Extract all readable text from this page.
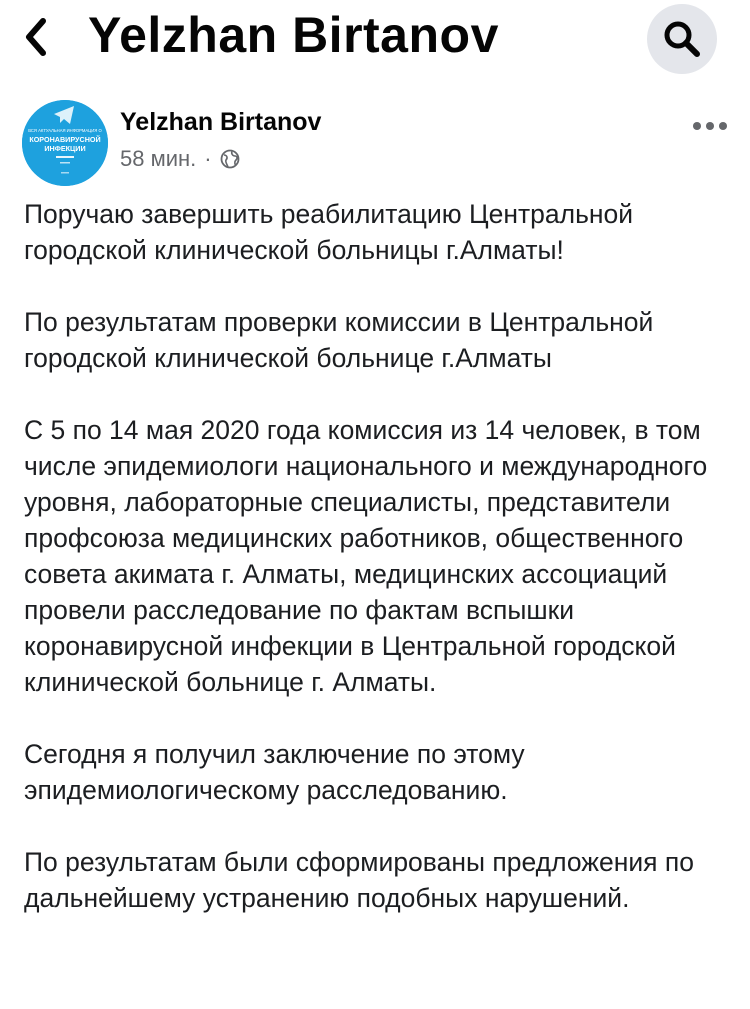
Yelzhan Birtanov
ВСЯ АКТУАЛЬНАЯ ИНФОРМАЦИЯ О
КОРОНАВИРУСНОЙ
ИНФЕКЦИИ
Yelzhan Birtanov
58 мин. ·

Поручаю завершить реабилитацию Центральной городской клинической больницы г.Алматы!

По результатам проверки комиссии в Центральной городской клинической больнице г.Алматы

С 5 по 14 мая 2020 года комиссия из 14 человек, в том числе эпидемиологи национального и международного уровня, лабораторные специалисты, представители профсоюза медицинских работников, общественного совета акимата г. Алматы, медицинских ассоциаций провели расследование по фактам вспышки коронавирусной инфекции в Центральной городской клинической больнице г. Алматы.

Сегодня я получил заключение по этому эпидемиологическому расследованию.

По результатам были сформированы предложения по дальнейшему устранению подобных нарушений.
